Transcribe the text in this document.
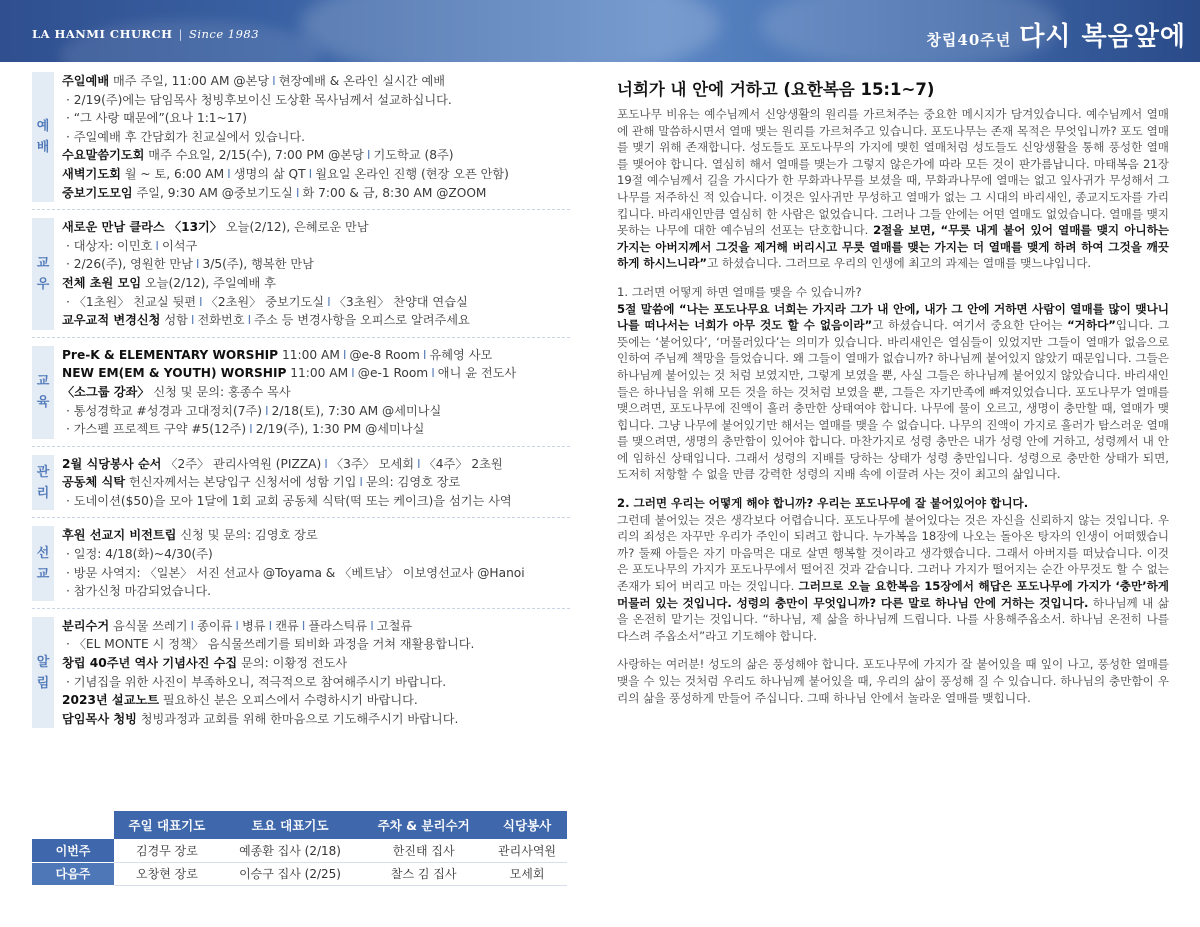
LA HANMI CHURCH | Since 1983	창립40주년 다시 복음앞에
예
배
주일예배 매주 주일, 11:00 AM @본당 I 현장예배 & 온라인 실시간 예배
· 2/19(주)에는 담임목사 청빙후보이신 도상환 목사님께서 설교하십니다.
· “그 사랑 때문에”(요나 1:1~17)
· 주일예배 후 간담회가 친교실에서 있습니다.
수요말씀기도회 매주 수요일, 2/15(수), 7:00 PM @본당 I 기도학교 (8주)
새벽기도회 월 ~ 토, 6:00 AM I 생명의 삶 QT I 월요일 온라인 진행 (현장 오픈 안함)
중보기도모임 주일, 9:30 AM @중보기도실 I 화 7:00 & 금, 8:30 AM @ZOOM
교
우
새로운 만남 클라스 〈13기〉 오늘(2/12), 은혜로운 만남
· 대상자: 이민호 I 이석구
· 2/26(주), 영원한 만남 I 3/5(주), 행복한 만남
전체 초원 모임 오늘(2/12), 주일예배 후
· 〈1초원〉 친교실 뒷편 I 〈2초원〉 중보기도실 I 〈3초원〉 찬양대 연습실
교우교적 변경신청 성함 I 전화번호 I 주소 등 변경사항을 오피스로 알려주세요
교
육
Pre-K & ELEMENTARY WORSHIP 11:00 AM I @e-8 Room I 유혜영 사모
NEW EM(EM & YOUTH) WORSHIP 11:00 AM I @e-1 Room I 애니 윤 전도사
〈소그룹 강좌〉 신청 및 문의: 홍종수 목사
· 통성경학교 #성경과 고대정치(7주) I 2/18(토), 7:30 AM @세미나실
· 가스펠 프로젝트 구약 #5(12주) I 2/19(주), 1:30 PM @세미나실
관
리
2월 식당봉사 순서 〈2주〉 관리사역원 (PIZZA) I 〈3주〉 모세회 I 〈4주〉 2초원
공동체 식탁 헌신자께서는 본당입구 신청서에 성함 기입 I 문의: 김영호 장로
· 도네이션($50)을 모아 1달에 1회 교회 공동체 식탁(떡 또는 케이크)을 섬기는 사역
선
교
후원 선교지 비전트립 신청 및 문의: 김영호 장로
· 일정: 4/18(화)~4/30(주)
· 방문 사역지: 〈일본〉 서진 선교사 @Toyama & 〈베트남〉 이보영선교사 @Hanoi
· 참가신청 마감되었습니다.
알
림
분리수거 음식물 쓰레기 I 종이류 I 병류 I 캔류 I 플라스틱류 I 고철류
· 〈EL MONTE 시 정책〉 음식물쓰레기를 퇴비화 과정을 거쳐 재활용합니다.
창립 40주년 역사 기념사진 수집 문의: 이황정 전도사
· 기념집을 위한 사진이 부족하오니, 적극적으로 참여해주시기 바랍니다.
2023년 설교노트 필요하신 분은 오피스에서 수령하시기 바랍니다.
담임목사 청빙 청빙과정과 교회를 위해 한마음으로 기도해주시기 바랍니다.
	주일 대표기도	토요 대표기도	주차 & 분리수거	식당봉사
이번주	김경무 장로	예종환 집사 (2/18)	한진태 집사	관리사역원
다음주	오창현 장로	이승구 집사 (2/25)	찰스 김 집사	모세회
너희가 내 안에 거하고 (요한복음 15:1~7)
포도나무 비유는 예수님께서 신앙생활의 원리를 가르쳐주는 중요한 메시지가 담겨있습니다. 예수님께서 열매에 관해 말씀하시면서 열매 맺는 원리를 가르쳐주고 있습니다. 포도나무는 존재 목적은 무엇입니까? 포도 열매를 맺기 위해 존재합니다. 성도들도 포도나무의 가지에 맺힌 열매처럼 성도들도 신앙생활을 통해 풍성한 열매를 맺어야 합니다. 열심히 해서 열매를 맺는가 그렇지 않은가에 따라 모든 것이 판가름납니다. 마태복음 21장 19절 예수님께서 길을 가시다가 한 무화과나무를 보셨을 때, 무화과나무에 열매는 없고 잎사귀가 무성해서 그 나무를 저주하신 적 있습니다. 이것은 잎사귀만 무성하고 열매가 없는 그 시대의 바리새인, 종교지도자를 가리킵니다. 바리새인만큼 열심히 한 사람은 없었습니다. 그러나 그들 안에는 어떤 열매도 없었습니다. 열매를 맺지 못하는 나무에 대한 예수님의 선포는 단호합니다. 2절을 보면, “무릇 내게 붙어 있어 열매를 맺지 아니하는 가지는 아버지께서 그것을 제거해 버리시고 무릇 열매를 맺는 가지는 더 열매를 맺게 하려 하여 그것을 깨끗하게 하시느니라”고 하셨습니다. 그러므로 우리의 인생에 최고의 과제는 열매를 맺느냐입니다.
1. 그러면 어떻게 하면 열매를 맺을 수 있습니까?
5절 말씀에 “나는 포도나무요 너희는 가지라 그가 내 안에, 내가 그 안에 거하면 사람이 열매를 많이 맺나니 나를 떠나서는 너희가 아무 것도 할 수 없음이라”고 하셨습니다. 여기서 중요한 단어는 “거하다”입니다. 그 뜻에는 ‘붙어있다’, ‘머물러있다’는 의미가 있습니다. 바리새인은 열심들이 있었지만 그들이 열매가 없음으로 인하여 주님께 책망을 들었습니다. 왜 그들이 열매가 없습니까? 하나님께 붙어있지 않았기 때문입니다. 그들은 하나님께 붙어있는 것 처럼 보였지만, 그렇게 보였을 뿐, 사실 그들은 하나님께 붙어있지 않았습니다. 바리새인들은 하나님을 위해 모든 것을 하는 것처럼 보였을 뿐, 그들은 자기만족에 빠져있었습니다. 포도나무가 열매를 맺으려면, 포도나무에 진액이 흘러 충만한 상태여야 합니다. 나무에 물이 오르고, 생명이 충만할 때, 열매가 맺힙니다. 그냥 나무에 붙어있기만 해서는 열매를 맺을 수 없습니다. 나무의 진액이 가지로 흘러가 탐스러운 열매를 맺으려면, 생명의 충만함이 있어야 합니다. 마찬가지로 성령 충만은 내가 성령 안에 거하고, 성령께서 내 안에 임하신 상태입니다. 그래서 성령의 지배를 당하는 상태가 성령 충만입니다. 성령으로 충만한 상태가 되면, 도저히 저항할 수 없을 만큼 강력한 성령의 지배 속에 이끌려 사는 것이 최고의 삶입니다.
2. 그러면 우리는 어떻게 해야 합니까? 우리는 포도나무에 잘 붙어있어야 합니다.
그런데 붙어있는 것은 생각보다 어렵습니다. 포도나무에 붙어있다는 것은 자신을 신뢰하지 않는 것입니다. 우리의 죄성은 자꾸만 우리가 주인이 되려고 합니다. 누가복음 18장에 나오는 돌아온 탕자의 인생이 어떠했습니까? 둘째 아들은 자기 마음먹은 대로 살면 행복할 것이라고 생각했습니다. 그래서 아버지를 떠났습니다. 이것은 포도나무의 가지가 포도나무에서 떨어진 것과 같습니다. 그러나 가지가 떨어지는 순간 아무것도 할 수 없는 존재가 되어 버리고 마는 것입니다. 그러므로 오늘 요한복음 15장에서 해답은 포도나무에 가지가 ‘충만’하게 머물러 있는 것입니다. 성령의 충만이 무엇입니까? 다른 말로 하나님 안에 거하는 것입니다. 하나님께 내 삶을 온전히 맡기는 것입니다. “하나님, 제 삶을 하나님께 드립니다. 나를 사용해주옵소서. 하나님 온전히 나를 다스려 주옵소서”라고 기도해야 합니다.
사랑하는 여러분! 성도의 삶은 풍성해야 합니다. 포도나무에 가지가 잘 붙어있을 때 잎이 나고, 풍성한 열매를 맺을 수 있는 것처럼 우리도 하나님께 붙어있을 때, 우리의 삶이 풍성해 질 수 있습니다. 하나님의 충만함이 우리의 삶을 풍성하게 만들어 주십니다. 그때 하나님 안에서 놀라운 열매를 맺힙니다.
